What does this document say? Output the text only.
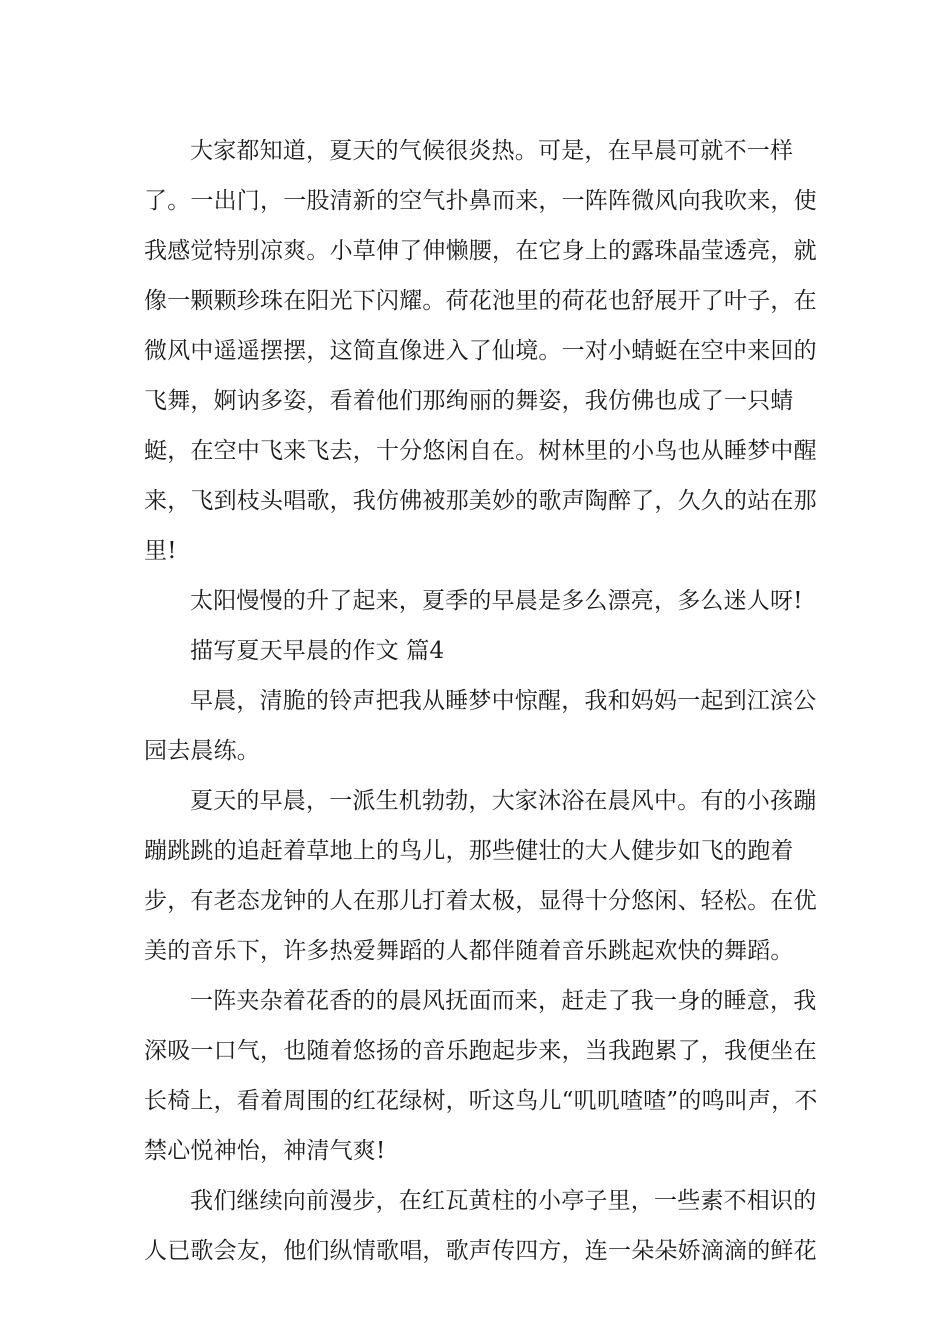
大家都知道，夏天的气候很炎热。可是，在早晨可就不一样了。一出门，一股清新的空气扑鼻而来，一阵阵微风向我吹来，使我感觉特别凉爽。小草伸了伸懒腰，在它身上的露珠晶莹透亮，就像一颗颗珍珠在阳光下闪耀。荷花池里的荷花也舒展开了叶子，在微风中遥遥摆摆，这简直像进入了仙境。一对小蜻蜓在空中来回的飞舞，婀讷多姿，看着他们那绚丽的舞姿，我仿佛也成了一只蜻蜓，在空中飞来飞去，十分悠闲自在。树林里的小鸟也从睡梦中醒来，飞到枝头唱歌，我仿佛被那美妙的歌声陶醉了，久久的站在那里!

太阳慢慢的升了起来，夏季的早晨是多么漂亮，多么迷人呀!

描写夏天早晨的作文 篇4

早晨，清脆的铃声把我从睡梦中惊醒，我和妈妈一起到江滨公园去晨练。

夏天的早晨，一派生机勃勃，大家沐浴在晨风中。有的小孩蹦蹦跳跳的追赶着草地上的鸟儿，那些健壮的大人健步如飞的跑着步，有老态龙钟的人在那儿打着太极，显得十分悠闲、轻松。在优美的音乐下，许多热爱舞蹈的人都伴随着音乐跳起欢快的舞蹈。

一阵夹杂着花香的的晨风抚面而来，赶走了我一身的睡意，我深吸一口气，也随着悠扬的音乐跑起步来，当我跑累了，我便坐在长椅上，看着周围的红花绿树，听这鸟儿“叽叽喳喳”的鸣叫声，不禁心悦神怡，神清气爽!

我们继续向前漫步，在红瓦黄柱的小亭子里，一些素不相识的人已歌会友，他们纵情歌唱，歌声传四方，连一朵朵娇滴滴的鲜花
